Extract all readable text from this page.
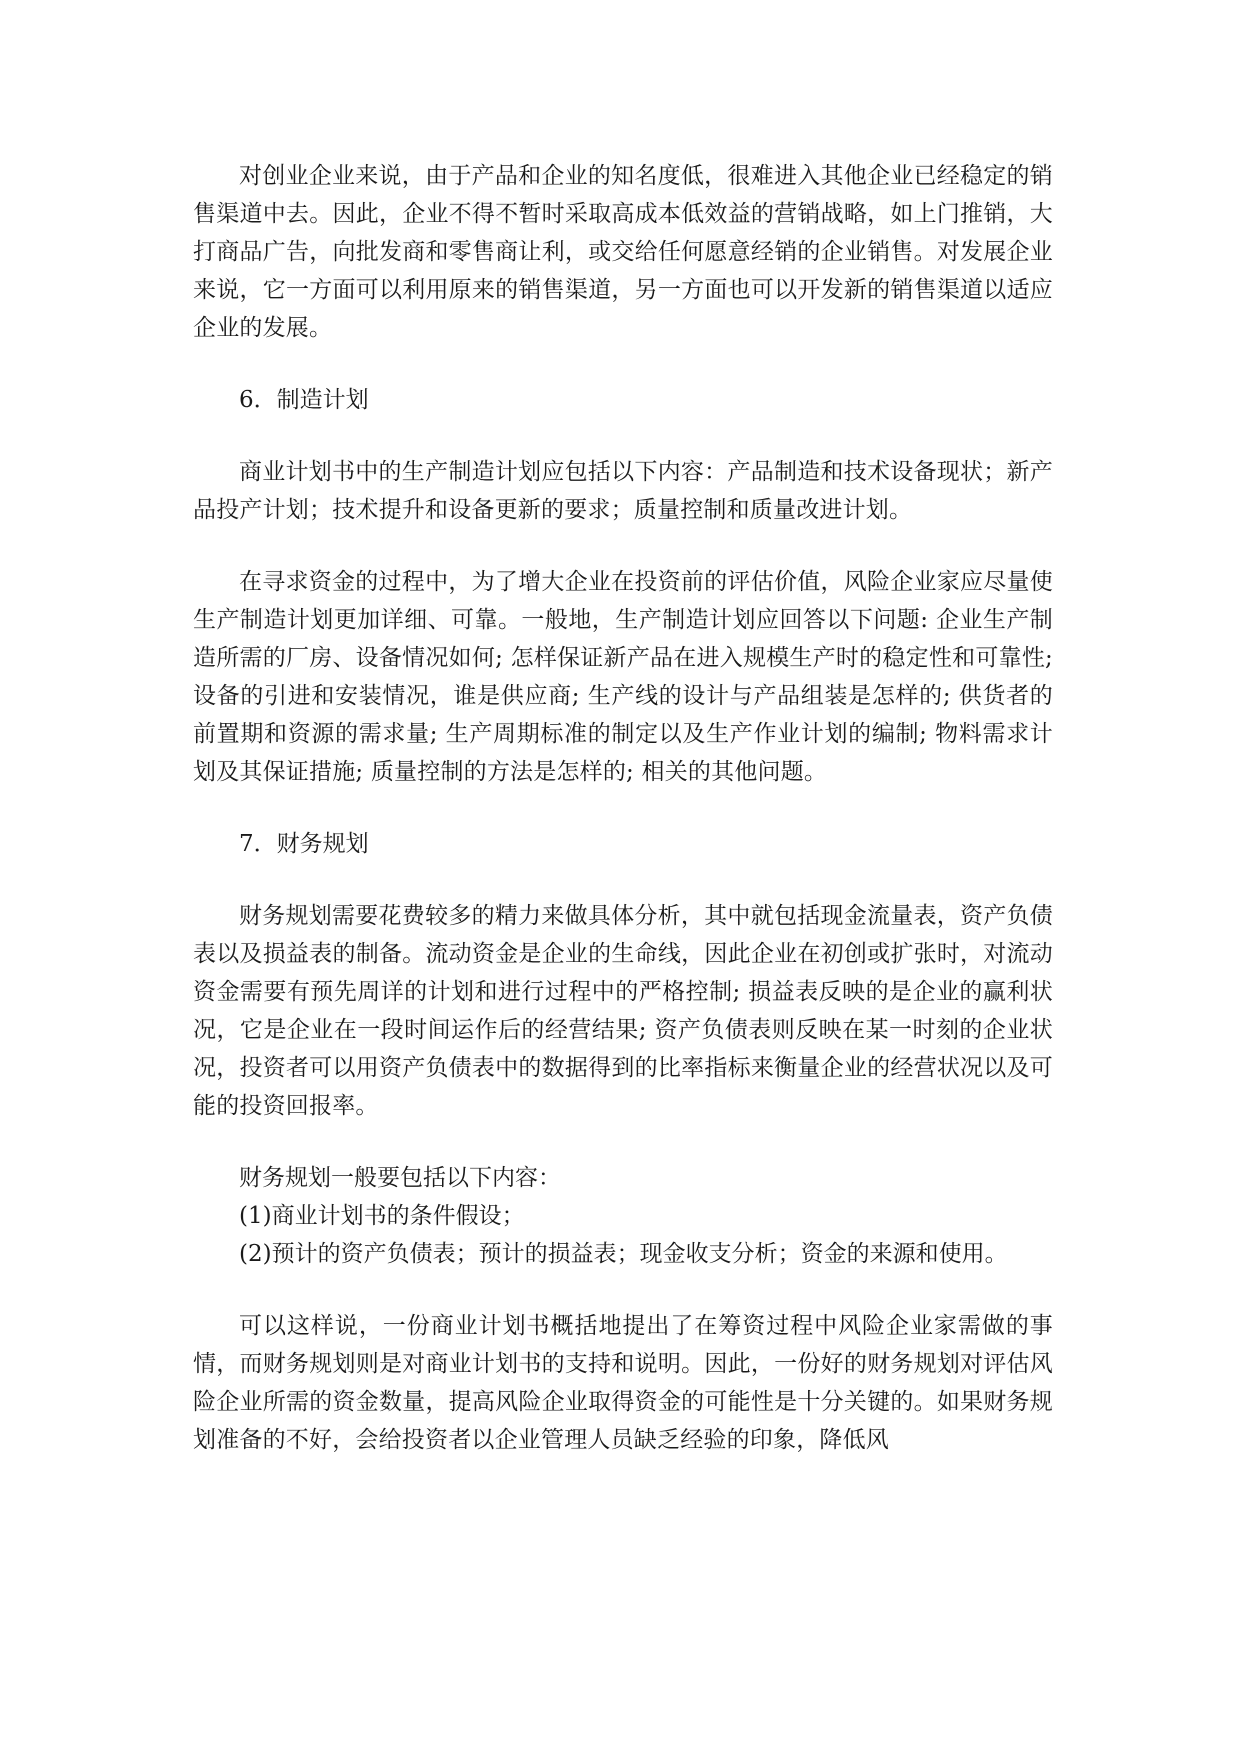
对创业企业来说，由于产品和企业的知名度低，很难进入其他企业已经稳定的销售渠道中去。因此，企业不得不暂时采取高成本低效益的营销战略，如上门推销，大打商品广告，向批发商和零售商让利，或交给任何愿意经销的企业销售。对发展企业来说，它一方面可以利用原来的销售渠道，另一方面也可以开发新的销售渠道以适应企业的发展。

6．制造计划

商业计划书中的生产制造计划应包括以下内容：产品制造和技术设备现状；新产品投产计划；技术提升和设备更新的要求；质量控制和质量改进计划。

在寻求资金的过程中，为了增大企业在投资前的评估价值，风险企业家应尽量使生产制造计划更加详细、可靠。一般地，生产制造计划应回答以下问题: 企业生产制造所需的厂房、设备情况如何; 怎样保证新产品在进入规模生产时的稳定性和可靠性; 设备的引进和安装情况，谁是供应商; 生产线的设计与产品组装是怎样的; 供货者的前置期和资源的需求量; 生产周期标准的制定以及生产作业计划的编制; 物料需求计划及其保证措施; 质量控制的方法是怎样的; 相关的其他问题。

7．财务规划

财务规划需要花费较多的精力来做具体分析，其中就包括现金流量表，资产负债表以及损益表的制备。流动资金是企业的生命线，因此企业在初创或扩张时，对流动资金需要有预先周详的计划和进行过程中的严格控制; 损益表反映的是企业的赢利状况，它是企业在一段时间运作后的经营结果; 资产负债表则反映在某一时刻的企业状况，投资者可以用资产负债表中的数据得到的比率指标来衡量企业的经营状况以及可能的投资回报率。

财务规划一般要包括以下内容：

(1)商业计划书的条件假设；

(2)预计的资产负债表；预计的损益表；现金收支分析；资金的来源和使用。

可以这样说，一份商业计划书概括地提出了在筹资过程中风险企业家需做的事情，而财务规划则是对商业计划书的支持和说明。因此，一份好的财务规划对评估风险企业所需的资金数量，提高风险企业取得资金的可能性是十分关键的。如果财务规划准备的不好，会给投资者以企业管理人员缺乏经验的印象，降低风
